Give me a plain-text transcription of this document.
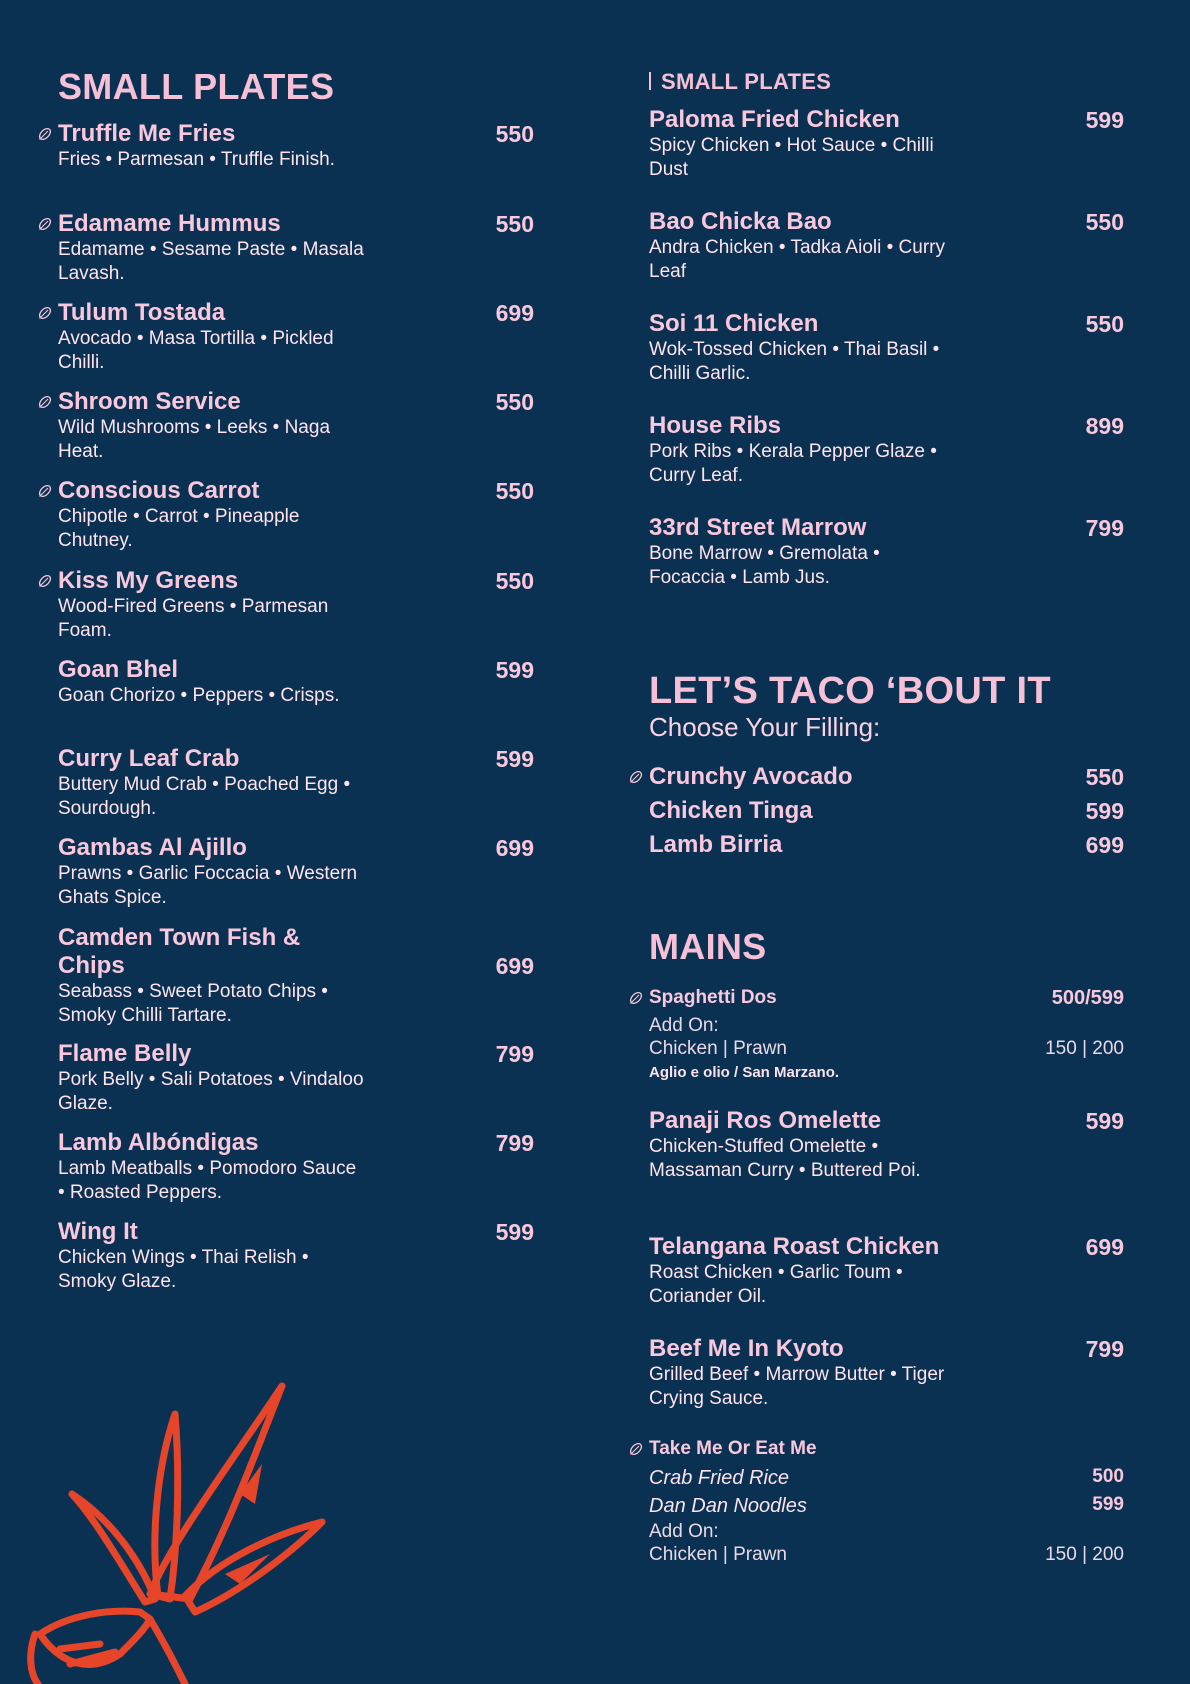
SMALL PLATES
Truffle Me Fries	550
Fries • Parmesan • Truffle Finish.
Edamame Hummus	550
Edamame • Sesame Paste • Masala Lavash.
Tulum Tostada	699
Avocado • Masa Tortilla • Pickled Chilli.
Shroom Service	550
Wild Mushrooms • Leeks • Naga Heat.
Conscious Carrot	550
Chipotle • Carrot • Pineapple Chutney.
Kiss My Greens	550
Wood-Fired Greens • Parmesan Foam.
Goan Bhel	599
Goan Chorizo • Peppers • Crisps.
Curry Leaf Crab	599
Buttery Mud Crab • Poached Egg • Sourdough.
Gambas Al Ajillo	699
Prawns • Garlic Foccacia • Western Ghats Spice.
Camden Town Fish & Chips	699
Seabass • Sweet Potato Chips • Smoky Chilli Tartare.
Flame Belly	799
Pork Belly • Sali Potatoes • Vindaloo Glaze.
Lamb Albóndigas	799
Lamb Meatballs • Pomodoro Sauce • Roasted Peppers.
Wing It	599
Chicken Wings • Thai Relish • Smoky Glaze.
SMALL PLATES
Paloma Fried Chicken	599
Spicy Chicken • Hot Sauce • Chilli Dust
Bao Chicka Bao	550
Andra Chicken • Tadka Aioli • Curry Leaf
Soi 11 Chicken	550
Wok-Tossed Chicken • Thai Basil • Chilli Garlic.
House Ribs	899
Pork Ribs • Kerala Pepper Glaze • Curry Leaf.
33rd Street Marrow	799
Bone Marrow • Gremolata • Focaccia • Lamb Jus.
LET’S TACO ‘BOUT IT
Choose Your Filling:
Crunchy Avocado	550
Chicken Tinga	599
Lamb Birria	699
MAINS
Spaghetti Dos	500/599
Add On:
Chicken | Prawn	150 | 200
Aglio e olio / San Marzano.
Panaji Ros Omelette	599
Chicken-Stuffed Omelette • Massaman Curry • Buttered Poi.
Telangana Roast Chicken	699
Roast Chicken • Garlic Toum • Coriander Oil.
Beef Me In Kyoto	799
Grilled Beef • Marrow Butter • Tiger Crying Sauce.
Take Me Or Eat Me
Crab Fried Rice	500
Dan Dan Noodles	599
Add On:
Chicken | Prawn	150 | 200
